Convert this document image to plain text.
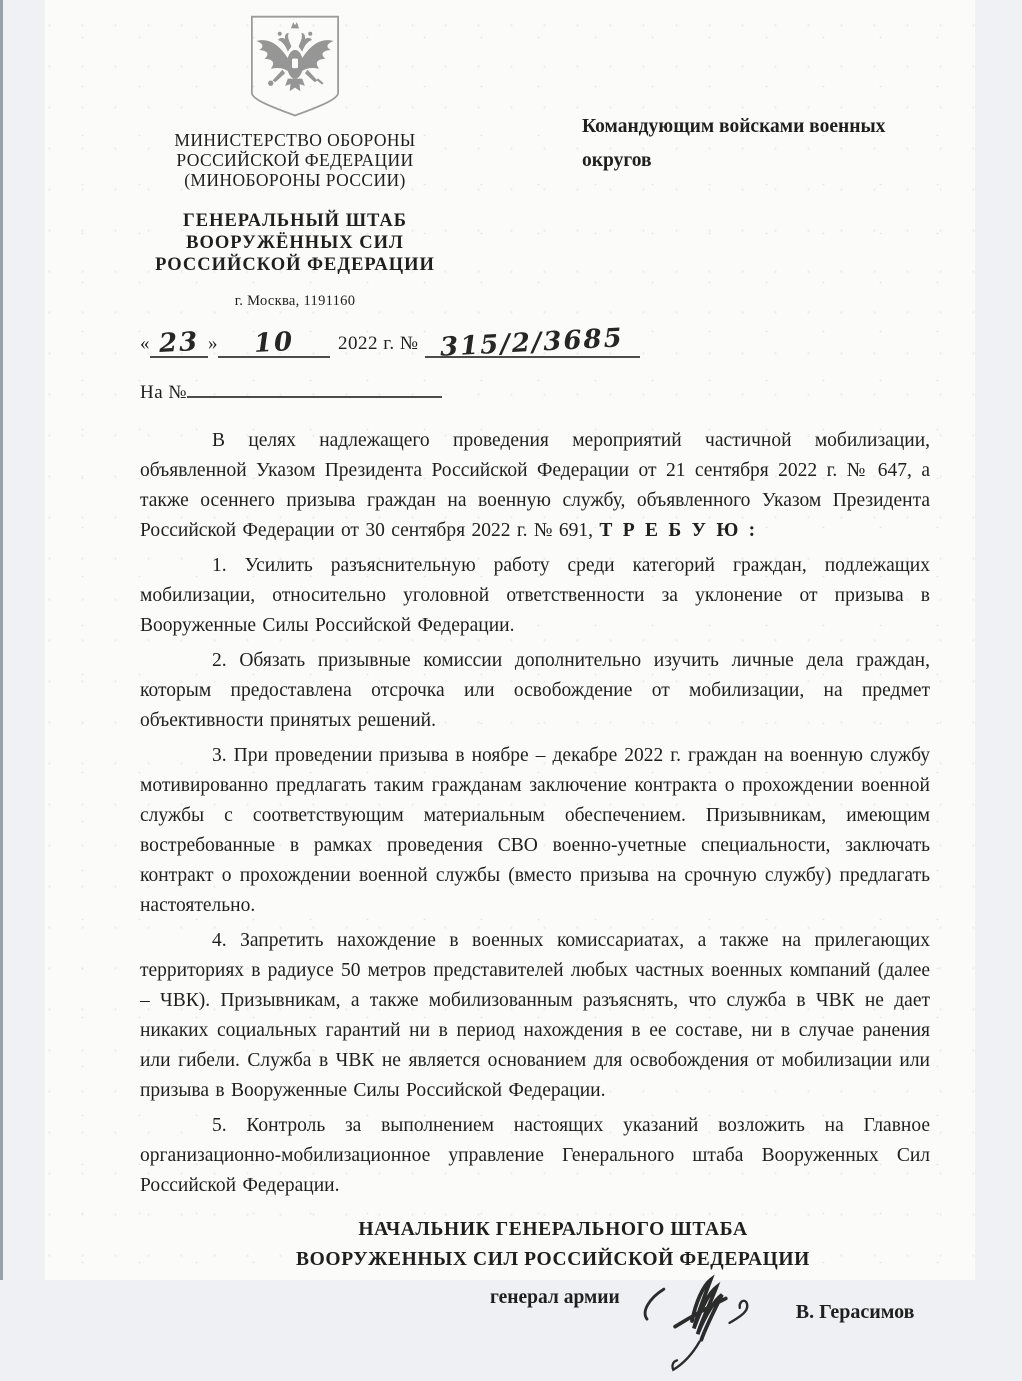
МИНИСТЕРСТВО ОБОРОНЫ
РОССИЙСКОЙ ФЕДЕРАЦИИ
(МИНОБОРОНЫ РОССИИ)
ГЕНЕРАЛЬНЫЙ ШТАБ
ВООРУЖЁННЫХ СИЛ
РОССИЙСКОЙ ФЕДЕРАЦИИ
г. Москва, 1191160
Командующим войсками военных округов
« 23 » 10 2022 г. № 315/2/3685
На №

В целях надлежащего проведения мероприятий частичной мобилизации, объявленной Указом Президента Российской Федерации от 21 сентября 2022 г. № 647, а также осеннего призыва граждан на военную службу, объявленного Указом Президента Российской Федерации от 30 сентября 2022 г. № 691, Т Р Е Б У Ю :

1. Усилить разъяснительную работу среди категорий граждан, подлежащих мобилизации, относительно уголовной ответственности за уклонение от призыва в Вооруженные Силы Российской Федерации.

2. Обязать призывные комиссии дополнительно изучить личные дела граждан, которым предоставлена отсрочка или освобождение от мобилизации, на предмет объективности принятых решений.

3. При проведении призыва в ноябре – декабре 2022 г. граждан на военную службу мотивированно предлагать таким гражданам заключение контракта о прохождении военной службы с соответствующим материальным обеспечением. Призывникам, имеющим востребованные в рамках проведения СВО военно-учетные специальности, заключать контракт о прохождении военной службы (вместо призыва на срочную службу) предлагать настоятельно.

4. Запретить нахождение в военных комиссариатах, а также на прилегающих территориях в радиусе 50 метров представителей любых частных военных компаний (далее – ЧВК). Призывникам, а также мобилизованным разъяснять, что служба в ЧВК не дает никаких социальных гарантий ни в период нахождения в ее составе, ни в случае ранения или гибели. Служба в ЧВК не является основанием для освобождения от мобилизации или призыва в Вооруженные Силы Российской Федерации.

5. Контроль за выполнением настоящих указаний возложить на Главное организационно-мобилизационное управление Генерального штаба Вооруженных Сил Российской Федерации.

НАЧАЛЬНИК ГЕНЕРАЛЬНОГО ШТАБА
ВООРУЖЕННЫХ СИЛ РОССИЙСКОЙ ФЕДЕРАЦИИ
генерал армии
В. Герасимов
